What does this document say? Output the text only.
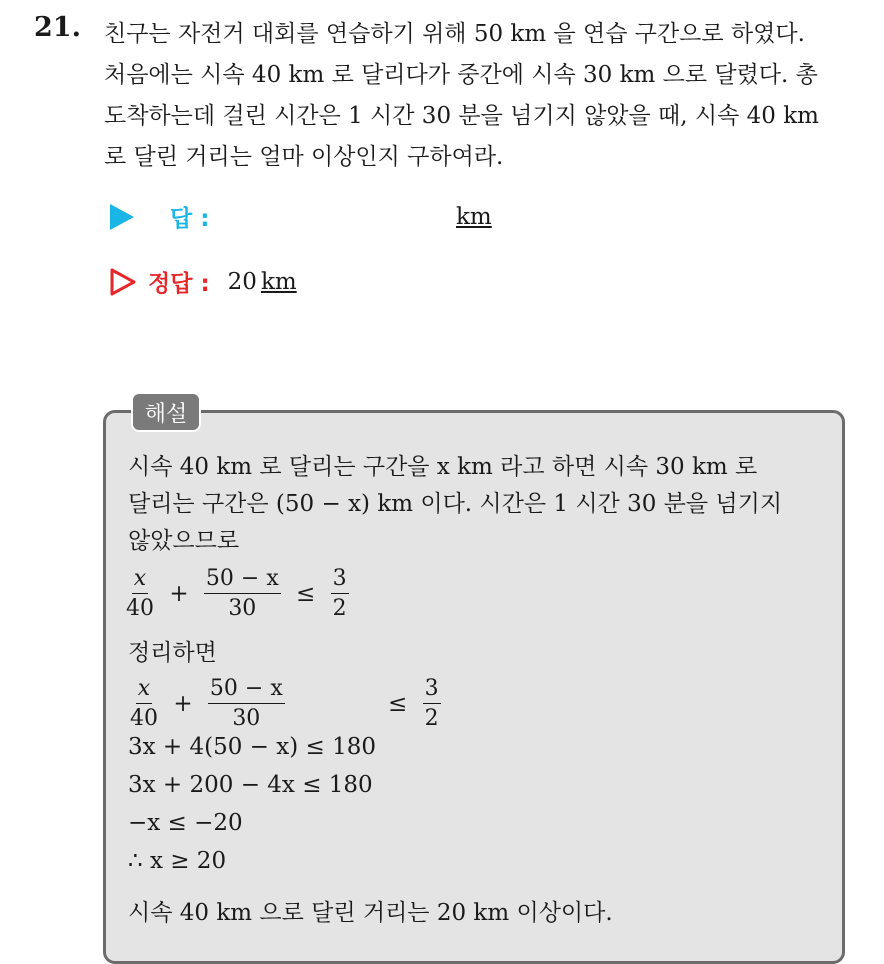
21. 친구는 자전거 대회를 연습하기 위해 50 km 을 연습 구간으로 하였다.
처음에는 시속 40 km 로 달리다가 중간에 시속 30 km 으로 달렸다. 총
도착하는데 걸린 시간은 1 시간 30 분을 넘기지 않았을 때, 시속 40 km
로 달린 거리는 얼마 이상인지 구하여라.
답 :	km
정답 : 20 km
해설
시속 40 km 로 달리는 구간을 x km 라고 하면 시속 30 km 로
달리는 구간은 (50 − x) km 이다. 시간은 1 시간 30 분을 넘기지
않았으므로
$\frac{x}{40} + \frac{50 - x}{30} \le \frac{3}{2}$
정리하면
$\frac{x}{40} + \frac{50 - x}{30}$	≤ $\frac{3}{2}$
3x + 4(50 − x) ≤ 180
3x + 200 − 4x ≤ 180
−x ≤ −20
∴ x ≥ 20
시속 40 km 으로 달린 거리는 20 km 이상이다.
